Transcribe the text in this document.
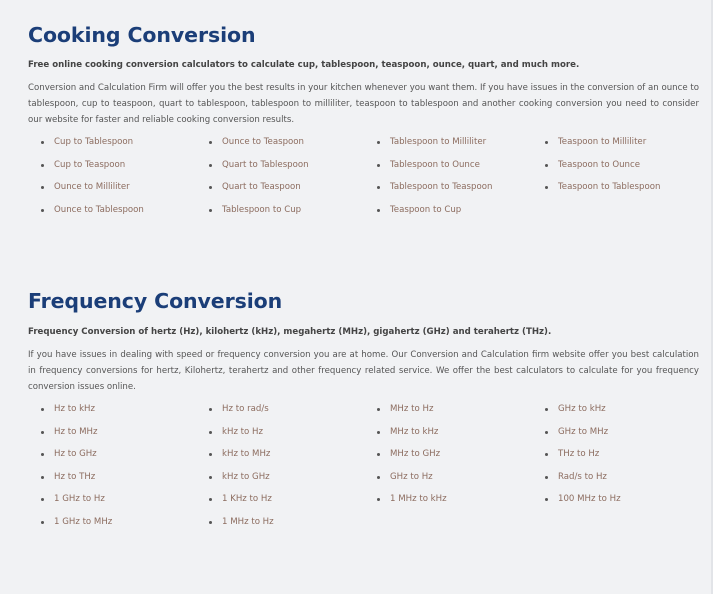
Cooking Conversion

Free online cooking conversion calculators to calculate cup, tablespoon, teaspoon, ounce, quart, and much more.

Conversion and Calculation Firm will offer you the best results in your kitchen whenever you want them. If you have issues in the conversion of an ounce to tablespoon, cup to teaspoon, quart to tablespoon, tablespoon to milliliter, teaspoon to tablespoon and another cooking conversion you need to consider our website for faster and reliable cooking conversion results.

Cup to Tablespoon	Ounce to Teaspoon	Tablespoon to Milliliter	Teaspoon to Milliliter
Cup to Teaspoon	Quart to Tablespoon	Tablespoon to Ounce	Teaspoon to Ounce
Ounce to Milliliter	Quart to Teaspoon	Tablespoon to Teaspoon	Teaspoon to Tablespoon
Ounce to Tablespoon	Tablespoon to Cup	Teaspoon to Cup
Frequency Conversion

Frequency Conversion of hertz (Hz), kilohertz (kHz), megahertz (MHz), gigahertz (GHz) and terahertz (THz).

If you have issues in dealing with speed or frequency conversion you are at home. Our Conversion and Calculation firm website offer you best calculation in frequency conversions for hertz, Kilohertz, terahertz and other frequency related service. We offer the best calculators to calculate for you frequency conversion issues online.

Hz to kHz	Hz to rad/s	MHz to Hz	GHz to kHz
Hz to MHz	kHz to Hz	MHz to kHz	GHz to MHz
Hz to GHz	kHz to MHz	MHz to GHz	THz to Hz
Hz to THz	kHz to GHz	GHz to Hz	Rad/s to Hz
1 GHz to Hz	1 KHz to Hz	1 MHz to kHz	100 MHz to Hz
1 GHz to MHz	1 MHz to Hz
